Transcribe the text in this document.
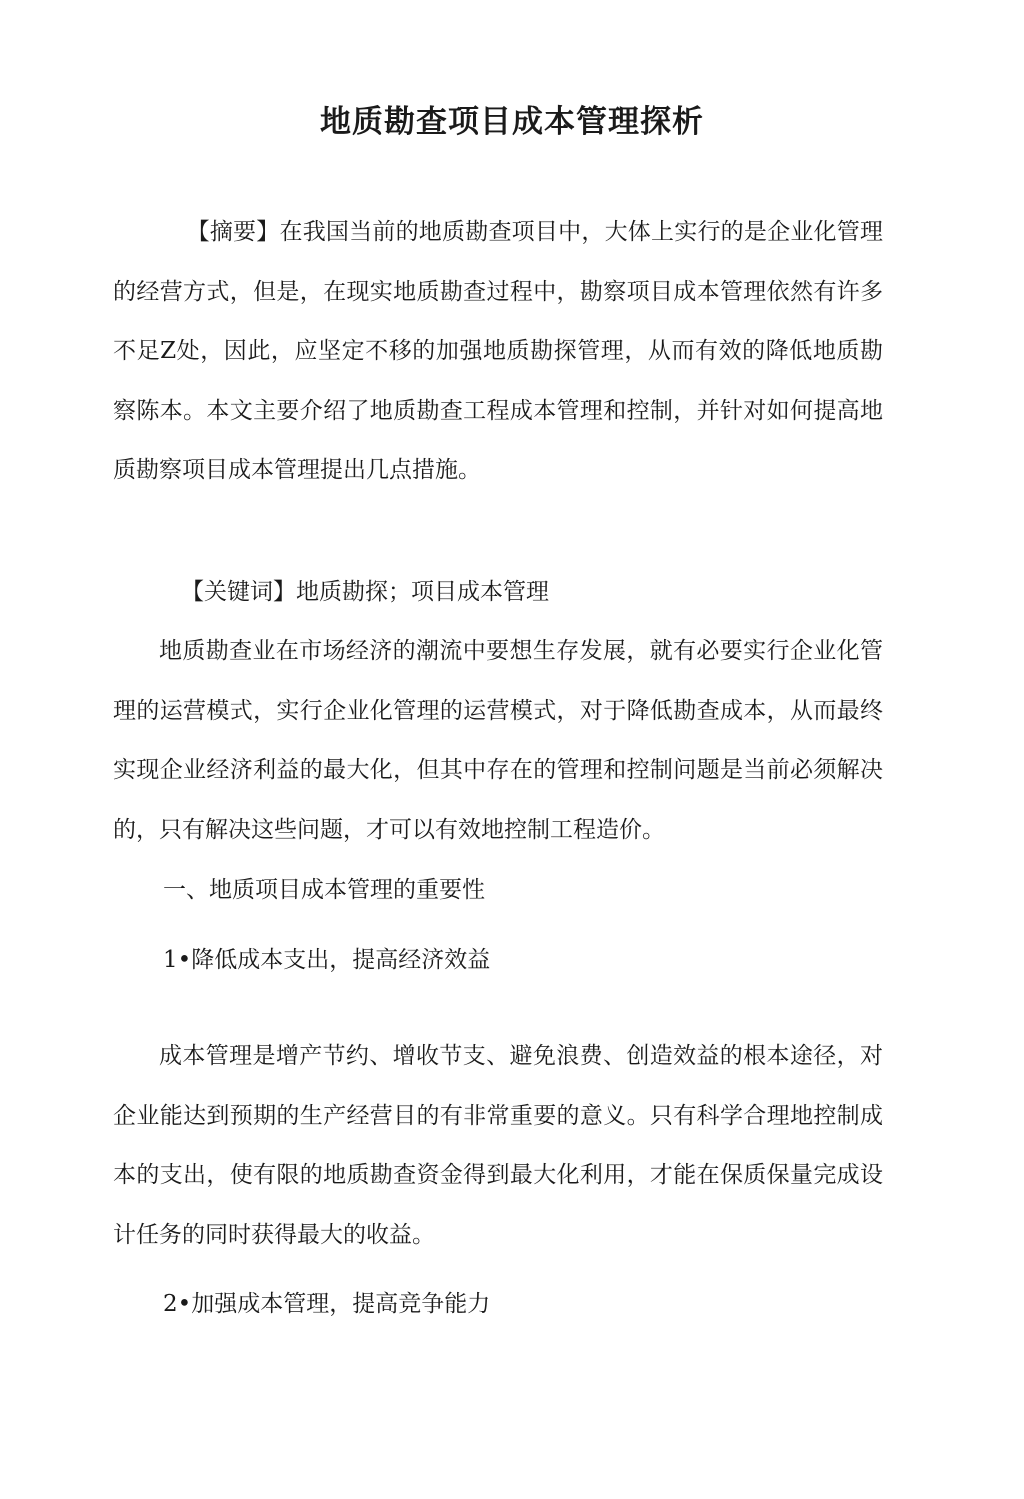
地质勘查项目成本管理探析
【摘要】在我国当前的地质勘查项目中，大体上实行的是企业化管理的经营方式，但是，在现实地质勘查过程中，勘察项目成本管理依然有许多不足Z处，因此，应坚定不移的加强地质勘探管理，从而有效的降低地质勘察陈本。本文主要介绍了地质勘查工程成本管理和控制，并针对如何提高地质勘察项目成本管理提出几点措施。
【关键词】地质勘探；项目成本管理
地质勘查业在市场经济的潮流中要想生存发展，就有必要实行企业化管理的运营模式，实行企业化管理的运营模式，对于降低勘查成本，从而最终实现企业经济利益的最大化，但其中存在的管理和控制问题是当前必须解决的，只有解决这些问题，才可以有效地控制工程造价。
一、地质项目成本管理的重要性
1•降低成本支出，提高经济效益
成本管理是增产节约、增收节支、避免浪费、创造效益的根本途径，对企业能达到预期的生产经营目的有非常重要的意义。只有科学合理地控制成本的支出，使有限的地质勘查资金得到最大化利用，才能在保质保量完成设计任务的同时获得最大的收益。
2•加强成本管理，提高竞争能力
